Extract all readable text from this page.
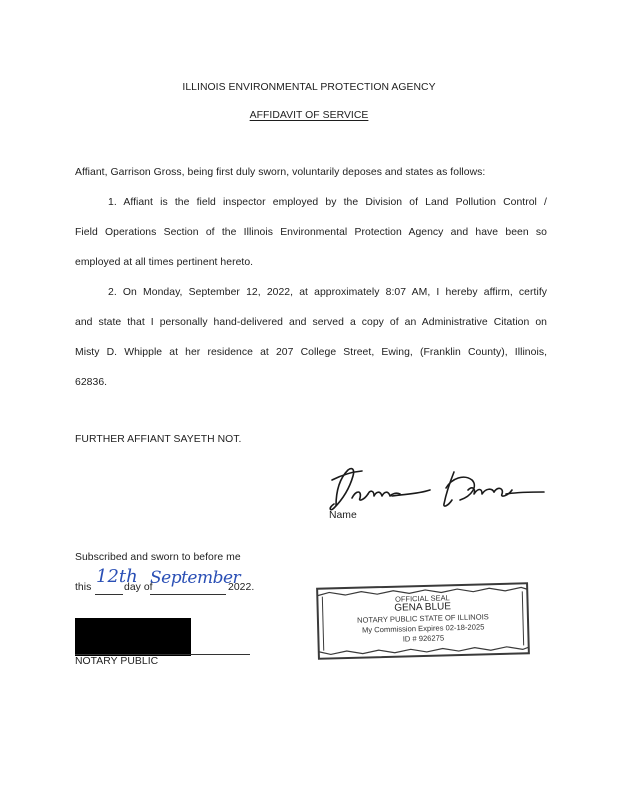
ILLINOIS ENVIRONMENTAL PROTECTION AGENCY
AFFIDAVIT OF SERVICE
Affiant, Garrison Gross, being first duly sworn, voluntarily deposes and states as follows:
1. Affiant is the field inspector employed by the Division of Land Pollution Control /
Field Operations Section of the Illinois Environmental Protection Agency and have been so
employed at all times pertinent hereto.
2. On Monday, September 12, 2022, at approximately 8:07 AM, I hereby affirm, certify
and state that I personally hand-delivered and served a copy of an Administrative Citation on
Misty D. Whipple at her residence at 207 College Street, Ewing, (Franklin County), Illinois,
62836.
FURTHER AFFIANT SAYETH NOT.
Name
Subscribed and sworn to before me
this
12th
day of
September
2022.
NOTARY PUBLIC
OFFICIAL SEAL
GENA BLUE
NOTARY PUBLIC STATE OF ILLINOIS
My Commission Expires 02-18-2025
ID # 926275
